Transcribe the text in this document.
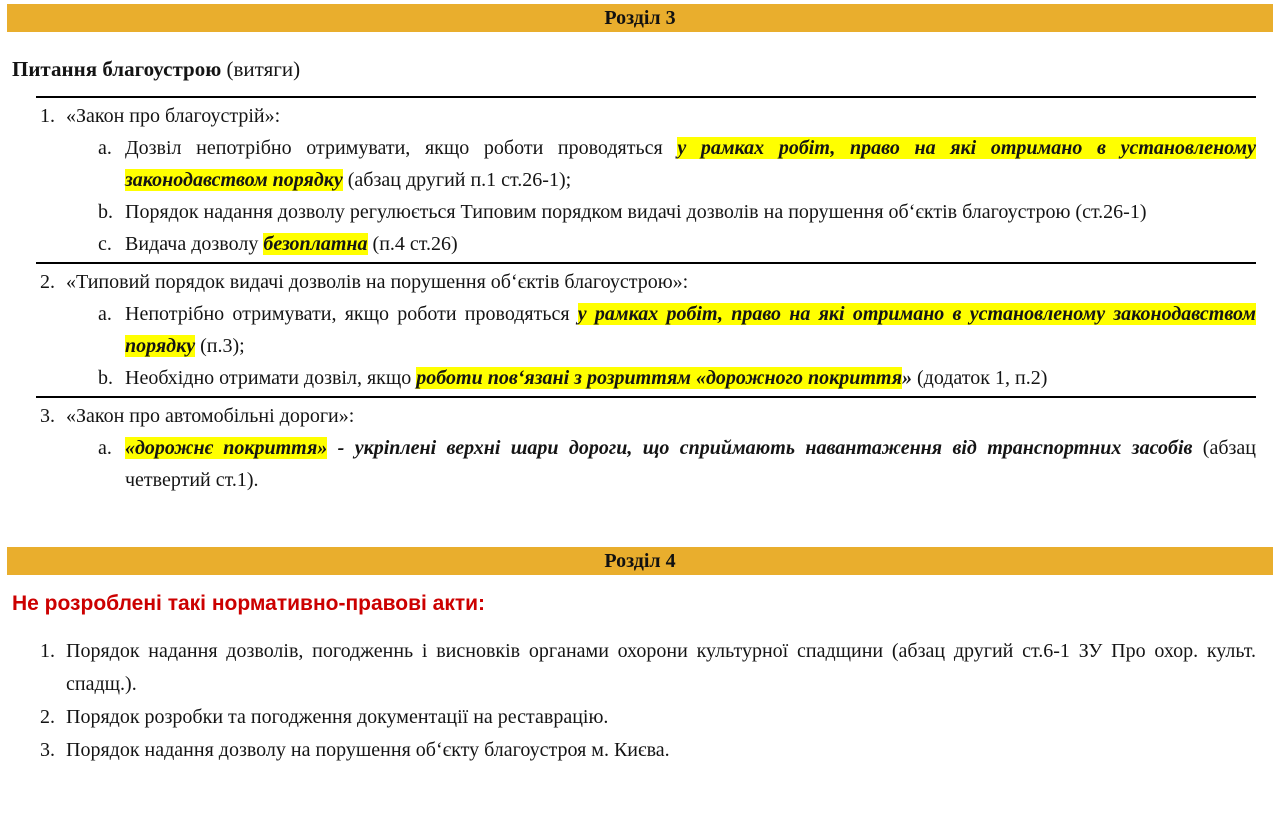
Розділ 3
Питання благоустрою (витяги)
1. «Закон про благоустрій»:
a. Дозвіл непотрібно отримувати, якщо роботи проводяться у рамках робіт, право на які отримано в установленому законодавством порядку (абзац другий п.1 ст.26-1);
b. Порядок надання дозволу регулюється Типовим порядком видачі дозволів на порушення об‘єктів благоустрою (ст.26-1)
c. Видача дозволу безоплатна (п.4 ст.26)
2. «Типовий порядок видачі дозволів на порушення об‘єктів благоустрою»:
a. Непотрібно отримувати, якщо роботи проводяться у рамках робіт, право на які отримано в установленому законодавством порядку (п.3);
b. Необхідно отримати дозвіл, якщо роботи пов‘язані з розриттям «дорожного покриття» (додаток 1, п.2)
3. «Закон про автомобільні дороги»:
a. «дорожнє покриття» - укріплені верхні шари дороги, що сприймають навантаження від транспортних засобів (абзац четвертий ст.1).
Розділ 4
Не розроблені такі нормативно-правові акти:
1. Порядок надання дозволів, погодженнь і висновків органами охорони культурної спадщини (абзац другий ст.6-1 ЗУ Про охор. культ. спадщ.).
2. Порядок розробки та погодження документації на реставрацію.
3. Порядок надання дозволу на порушення об‘єкту благоустроя м. Києва.
